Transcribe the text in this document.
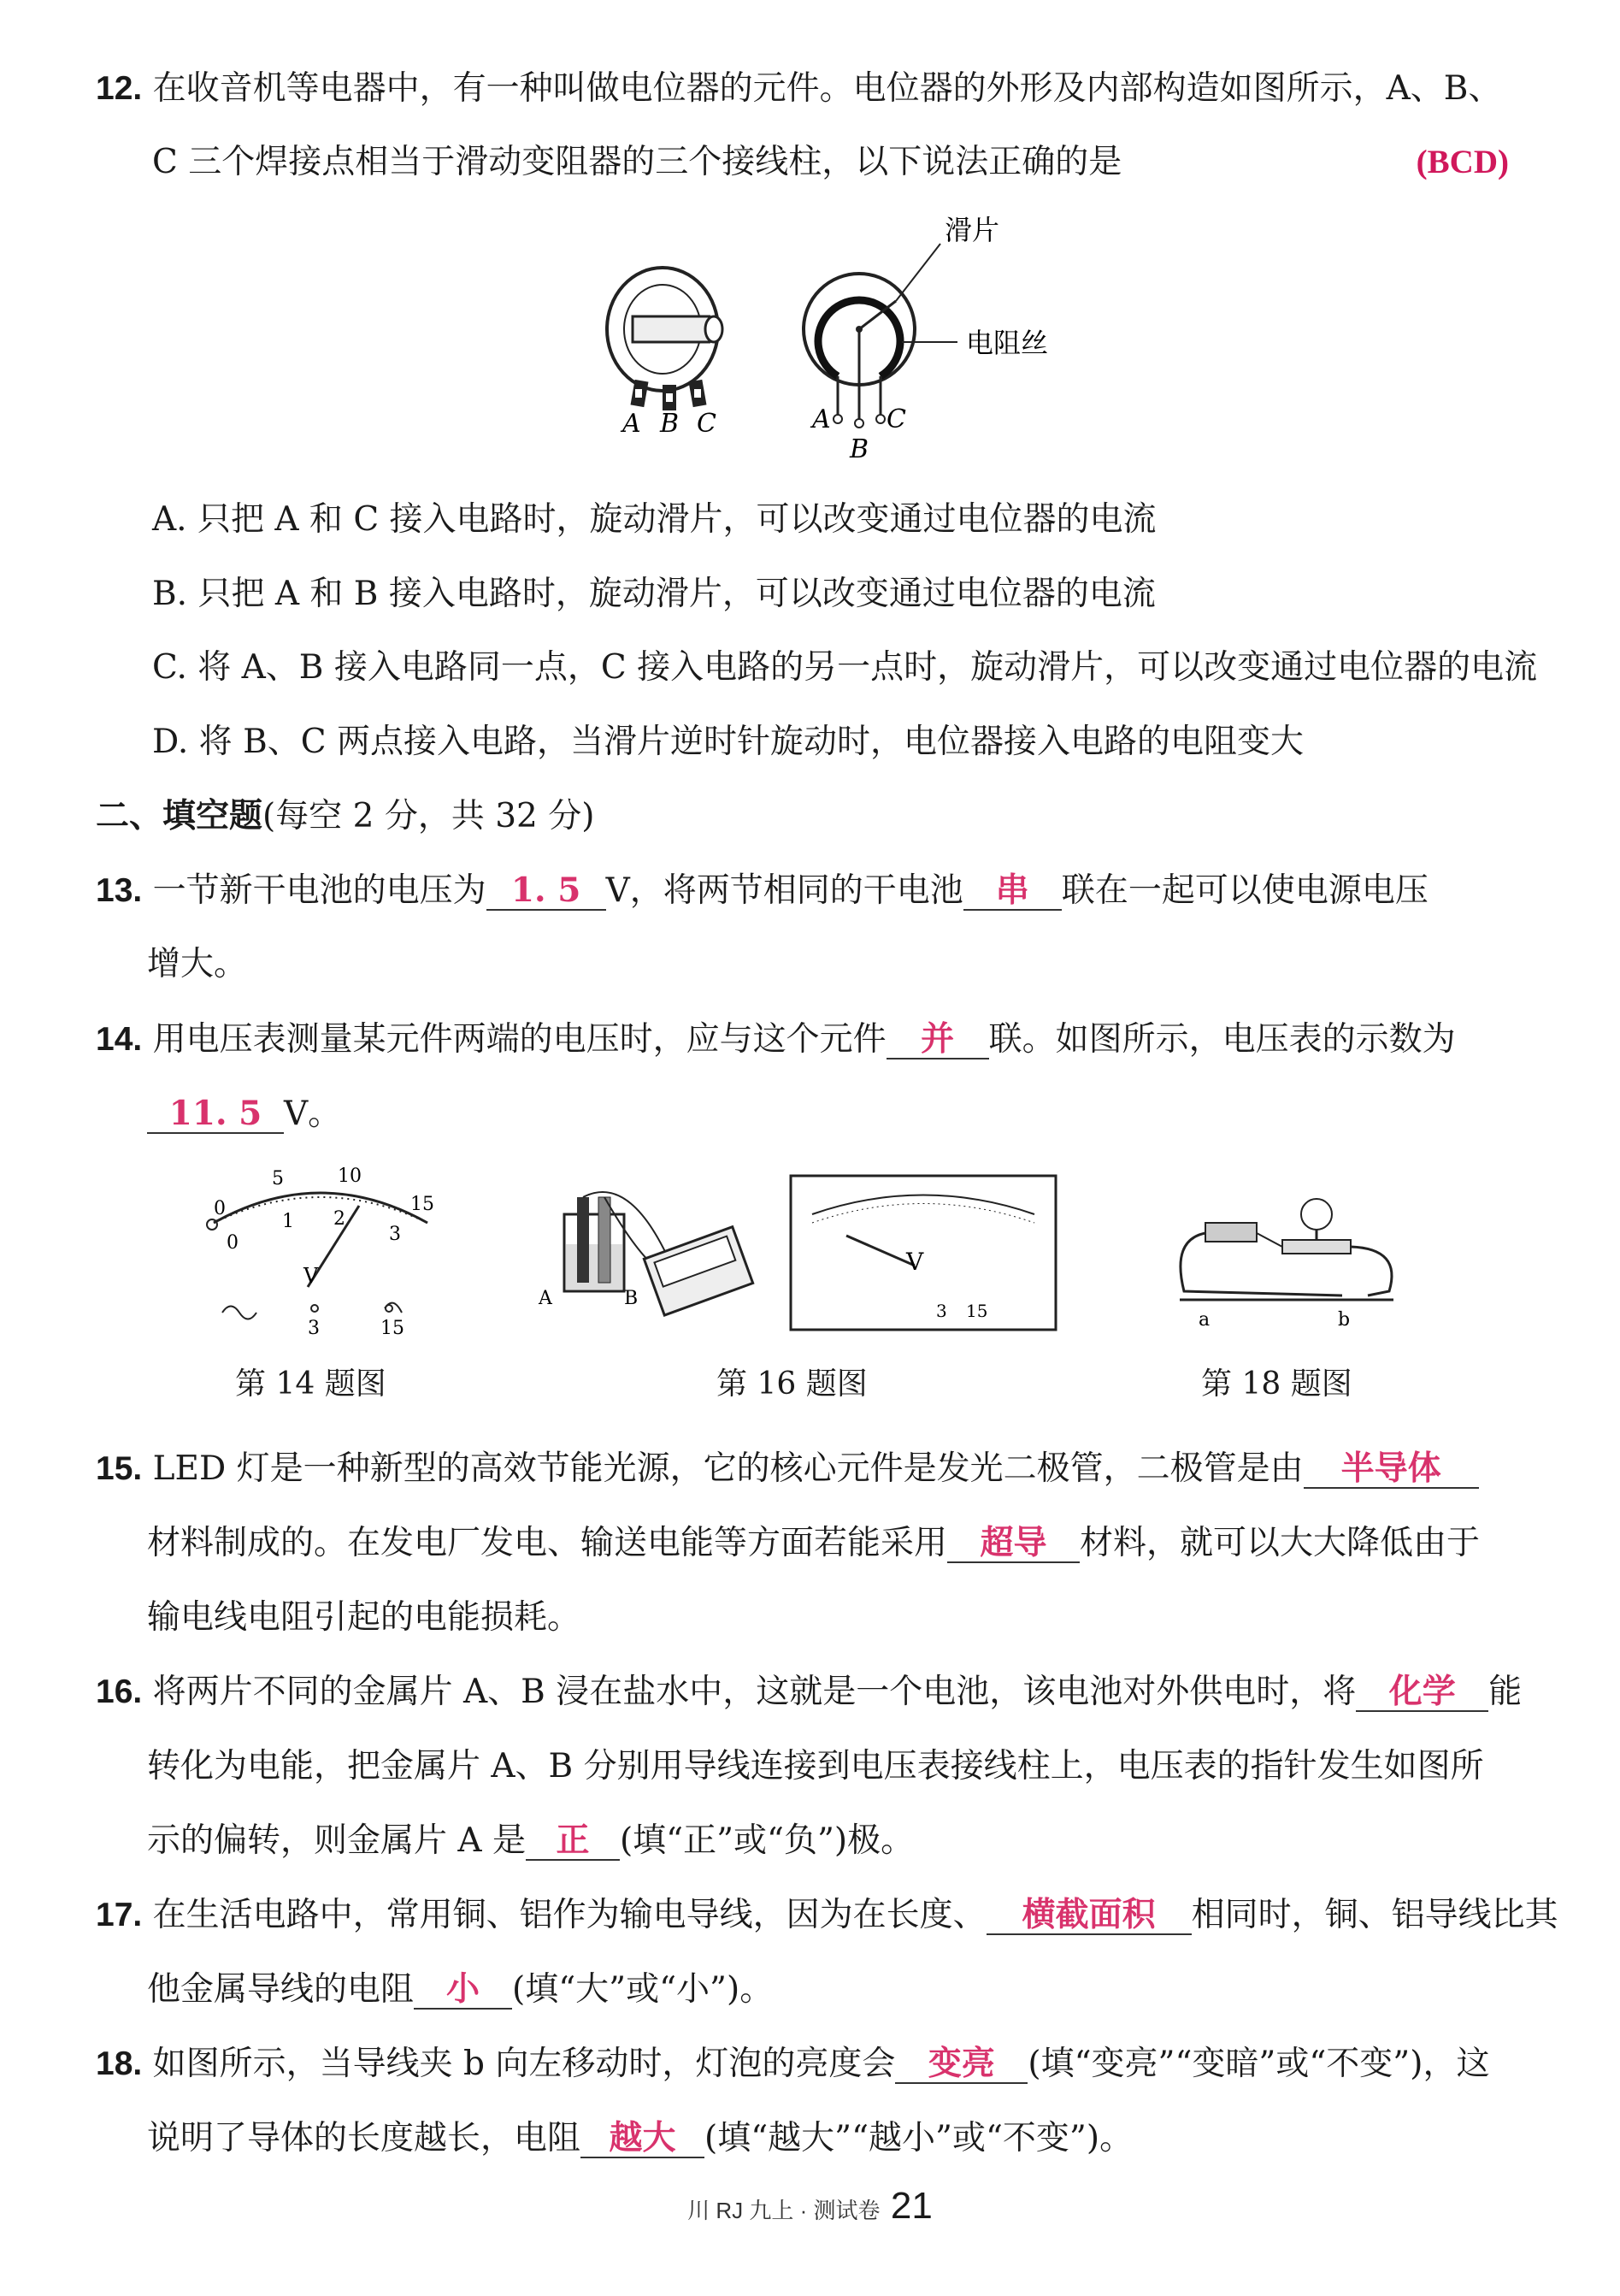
12. 在收音机等电器中，有一种叫做电位器的元件。电位器的外形及内部构造如图所示，A、B、
C 三个焊接点相当于滑动变阻器的三个接线柱，以下说法正确的是	(BCD)
A B C
滑片
电阻丝
A
B
C
A. 只把 A 和 C 接入电路时，旋动滑片，可以改变通过电位器的电流
B. 只把 A 和 B 接入电路时，旋动滑片，可以改变通过电位器的电流
C. 将 A、B 接入电路同一点，C 接入电路的另一点时，旋动滑片，可以改变通过电位器的电流
D. 将 B、C 两点接入电路，当滑片逆时针旋动时，电位器接入电路的电阻变大
二、填空题(每空 2 分，共 32 分)
13. 一节新干电池的电压为 1. 5 V，将两节相同的干电池 串 联在一起可以使电源电压
增大。
14. 用电压表测量某元件两端的电压时，应与这个元件 并 联。如图所示，电压表的示数为
11. 5 V。
0
1 2
3
0
5	10
15
V
3	15
第 14 题图
A	B
V
3 15
第 16 题图
a	b
第 18 题图
15. LED 灯是一种新型的高效节能光源，它的核心元件是发光二极管，二极管是由 半导体
材料制成的。在发电厂发电、输送电能等方面若能采用 超导 材料，就可以大大降低由于
输电线电阻引起的电能损耗。
16. 将两片不同的金属片 A、B 浸在盐水中，这就是一个电池，该电池对外供电时，将 化学 能
转化为电能，把金属片 A、B 分别用导线连接到电压表接线柱上，电压表的指针发生如图所
示的偏转，则金属片 A 是 正 (填“正”或“负”)极。
17. 在生活电路中，常用铜、铝作为输电导线，因为在长度、 横截面积 相同时，铜、铝导线比其
他金属导线的电阻 小 (填“大”或“小”)。
18. 如图所示，当导线夹 b 向左移动时，灯泡的亮度会 变亮 (填“变亮”“变暗”或“不变”)，这
说明了导体的长度越长，电阻 越大 (填“越大”“越小”或“不变”)。
川 RJ 九上 · 测试卷 21
